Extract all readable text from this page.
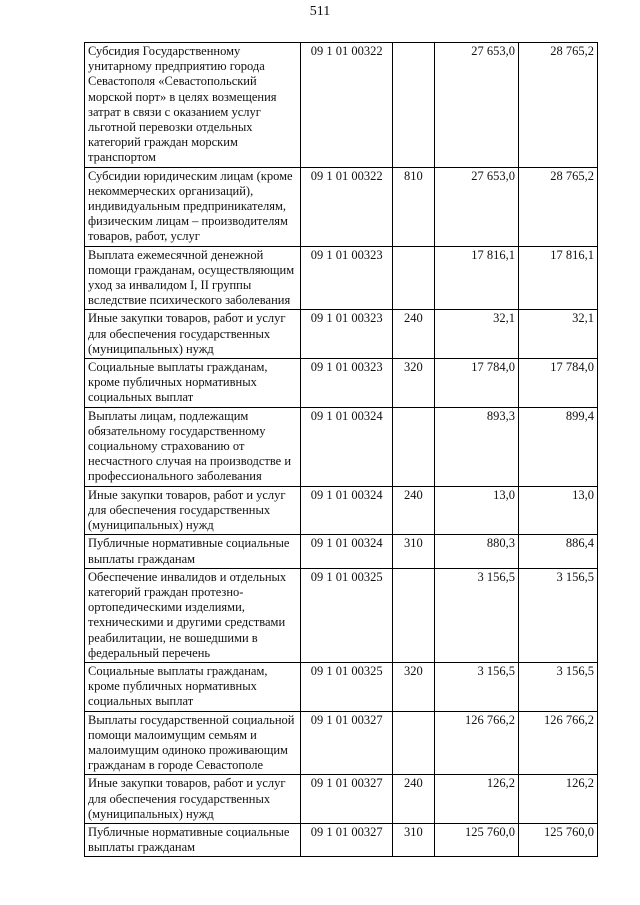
511
Субсидия Государственному унитарному предприятию города Севастополя «Севастопольский морской порт» в целях возмещения затрат в связи с оказанием услуг льготной перевозки отдельных категорий граждан морским транспортом	09 1 01 00322		27 653,0	28 765,2
Субсидии юридическим лицам (кроме некоммерческих организаций), индивидуальным предприникателям, физическим лицам – производителям товаров, работ, услуг	09 1 01 00322	810	27 653,0	28 765,2
Выплата ежемесячной денежной помощи гражданам, осуществляющим уход за инвалидом I, II группы вследствие психического заболевания	09 1 01 00323		17 816,1	17 816,1
Иные закупки товаров, работ и услуг для обеспечения государственных (муниципальных) нужд	09 1 01 00323	240	32,1	32,1
Социальные выплаты гражданам, кроме публичных нормативных социальных выплат	09 1 01 00323	320	17 784,0	17 784,0
Выплаты лицам, подлежащим обязательному государственному социальному страхованию от несчастного случая на производстве и профессионального заболевания	09 1 01 00324		893,3	899,4
Иные закупки товаров, работ и услуг для обеспечения государственных (муниципальных) нужд	09 1 01 00324	240	13,0	13,0
Публичные нормативные социальные выплаты гражданам	09 1 01 00324	310	880,3	886,4
Обеспечение инвалидов и отдельных категорий граждан протезно-ортопедическими изделиями, техническими и другими средствами реабилитации, не вошедшими в федеральный перечень	09 1 01 00325		3 156,5	3 156,5
Социальные выплаты гражданам, кроме публичных нормативных социальных выплат	09 1 01 00325	320	3 156,5	3 156,5
Выплаты государственной социальной помощи малоимущим семьям и малоимущим одиноко проживающим гражданам в городе Севастополе	09 1 01 00327		126 766,2	126 766,2
Иные закупки товаров, работ и услуг для обеспечения государственных (муниципальных) нужд	09 1 01 00327	240	126,2	126,2
Публичные нормативные социальные выплаты гражданам	09 1 01 00327	310	125 760,0	125 760,0
